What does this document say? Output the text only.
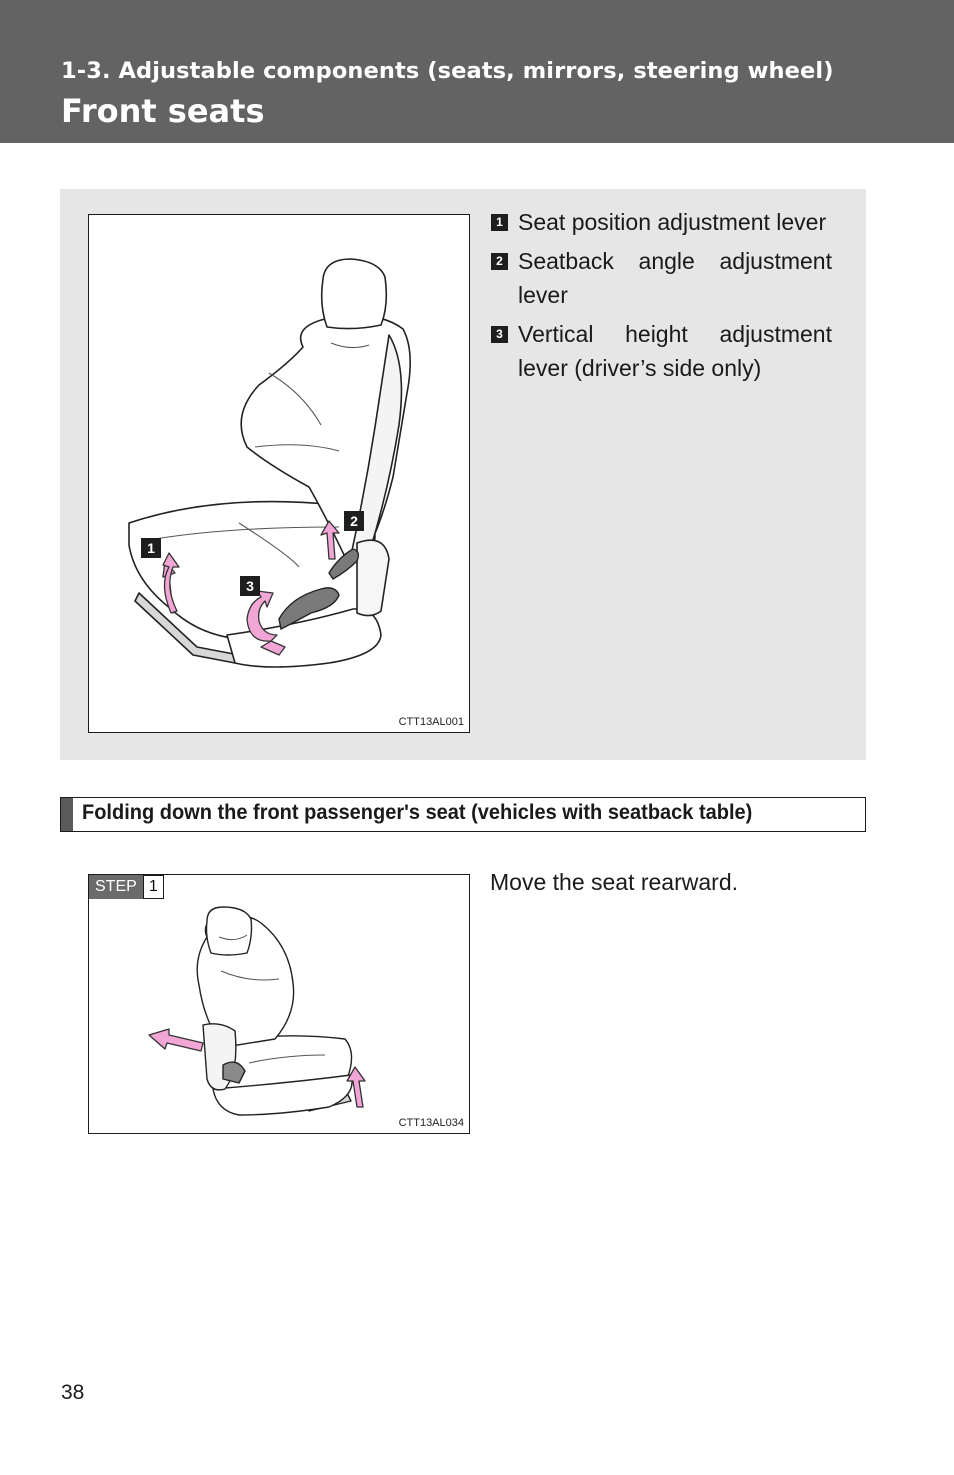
1-3. Adjustable components (seats, mirrors, steering wheel)
Front seats
1
2
3
CTT13AL001
1 Seat position adjustment lever
2 Seatback angle adjustment lever
3 Vertical height adjustment lever (driver’s side only)
Folding down the front passenger's seat (vehicles with seatback table)
STEP 1
CTT13AL034
Move the seat rearward.
38
